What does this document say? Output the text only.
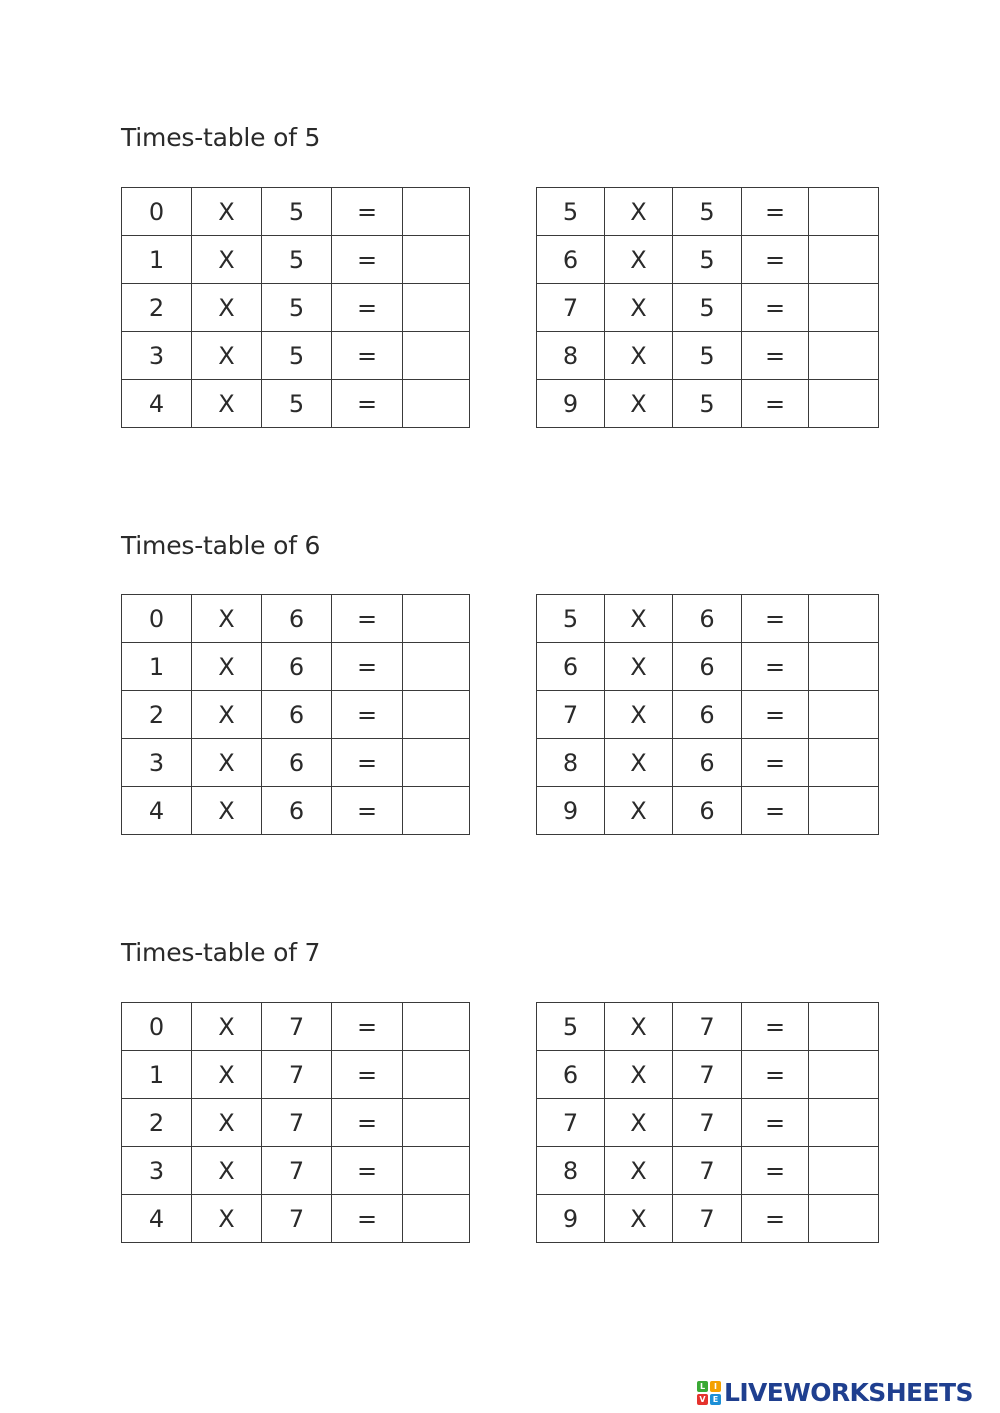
Times-table of 5
0	X	5	=	
1	X	5	=	
2	X	5	=	
3	X	5	=	
4	X	5	=	
5	X	5	=	
6	X	5	=	
7	X	5	=	
8	X	5	=	
9	X	5	=	
Times-table of 6
0	X	6	=	
1	X	6	=	
2	X	6	=	
3	X	6	=	
4	X	6	=	
5	X	6	=	
6	X	6	=	
7	X	6	=	
8	X	6	=	
9	X	6	=	
Times-table of 7
0	X	7	=	
1	X	7	=	
2	X	7	=	
3	X	7	=	
4	X	7	=	
5	X	7	=	
6	X	7	=	
7	X	7	=	
8	X	7	=	
9	X	7	=	
L	I
V E LIVEWORKSHEETS
